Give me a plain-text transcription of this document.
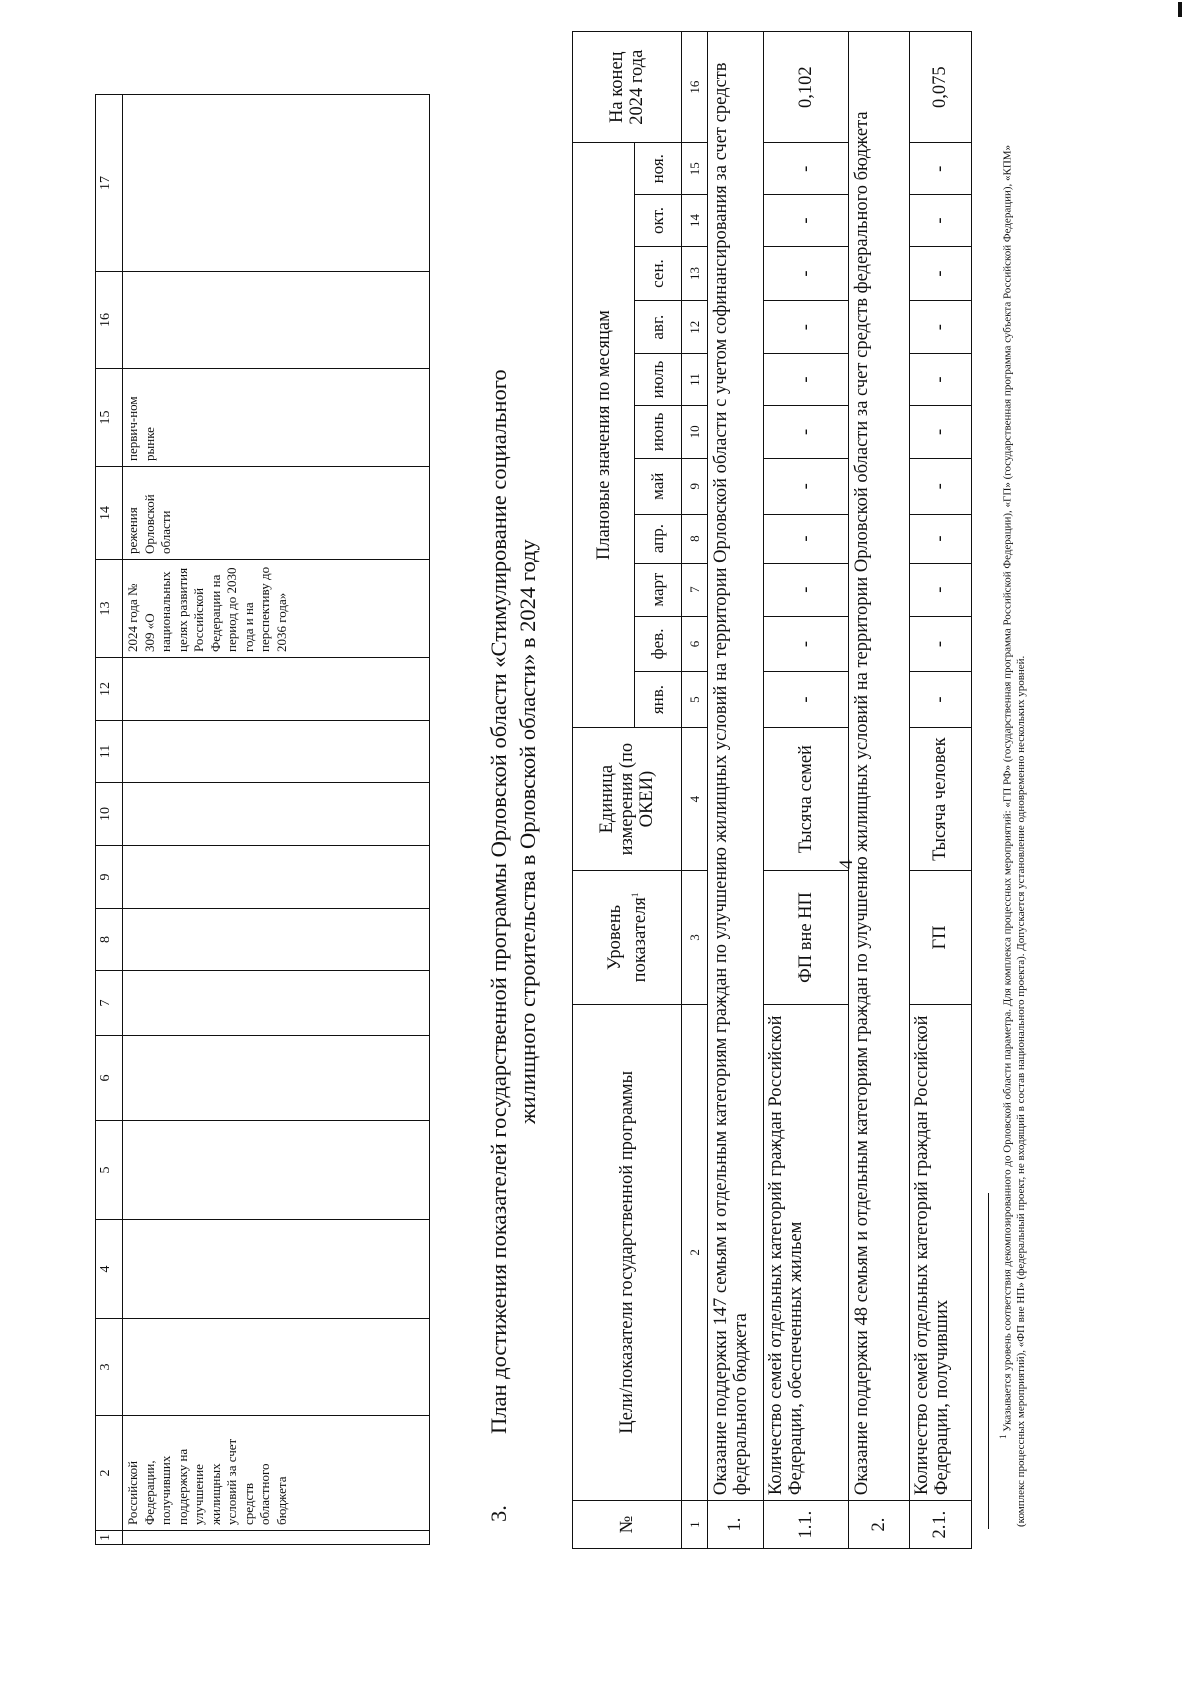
4
1	2	3	4	5	6	7	8	9	10	11	12	13	14	15	16	17
	Российской Федерации, получивших поддержку на улучшение жилищных условий за счет средств областного бюджета											2024 года № 309 «О национальных целях развития Российской Федерации на период до 2030 года и на перспективу до 2036 года»	режения Орловской области	первич-ном рынке		
3.
План достижения показателей государственной программы Орловской области «Стимулирование социального жилищного строительства в Орловской области» в 2024 году
№	Цели/показатели государственной программы	Уровень показателя$^1$	Единица измерения (по ОКЕИ)	Плановые значения по месяцам											На конец 2024 года
				янв.	фев.	март	апр.	май	июнь	июль	авг.	сен.	окт.	ноя.	
1	2	3	4	5	6	7	8	9	10	11	12	13	14	15	16
1.	Оказание поддержки 147 семьям и отдельным категориям граждан по улучшению жилищных условий на территории Орловской области с учетом софинансирования за счет средств федерального бюджета														
1.1.	Количество семей отдельных категорий граждан Российской Федерации, обеспеченных жильем	ФП вне НП	Тысяча семей	-	-	-	-	-	-	-	-	-	-	-	0,102
2.	Оказание поддержки 48 семьям и отдельным категориям граждан по улучшению жилищных условий на территории Орловской области за счет средств федерального бюджета														
2.1.	Количество семей отдельных категорий граждан Российской Федерации, получивших	ГП	Тысяча человек	-	-	-	-	-	-	-	-	-	-	-	0,075
$^1$ Указывается уровень соответствия декомпозированного до Орловской области параметра. Для комплекса процессных мероприятий: «ГП РФ» (государственная программа Российской Федерации), «ГП» (государственная программа субъекта Российской Федерации), «КПМ» (комплекс процессных мероприятий), «ФП вне НП» (федеральный проект, не входящий в состав национального проекта). Допускается установление одновременно нескольких уровней.
